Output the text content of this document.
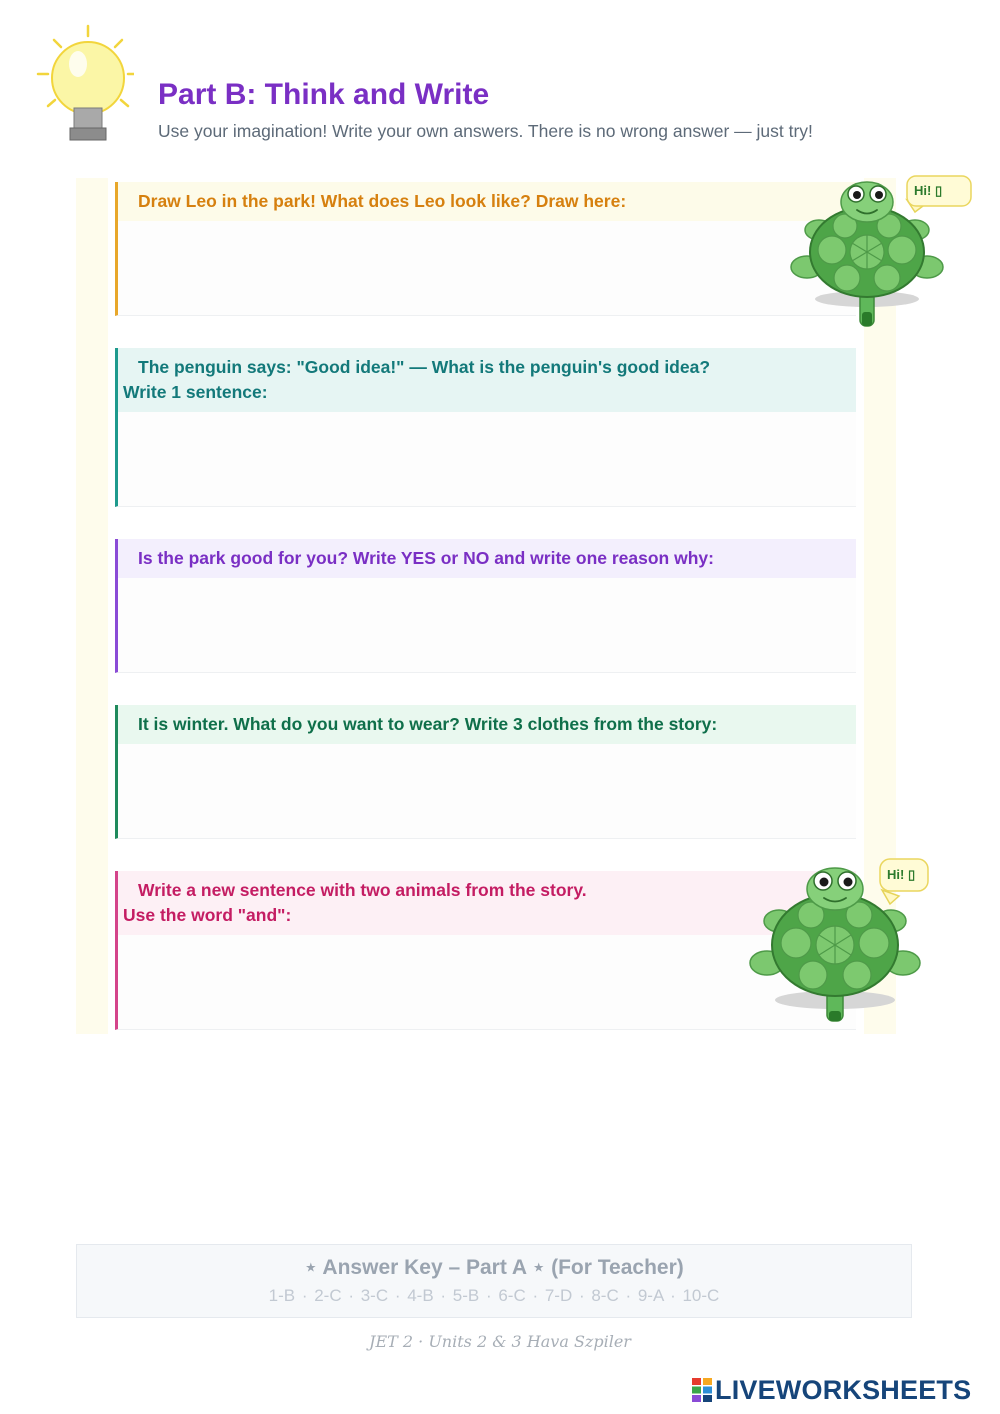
Part B: Think and Write

Use your imagination! Write your own answers. There is no wrong answer — just try!

Draw Leo in the park! What does Leo look like? Draw here:
The penguin says: "Good idea!" — What is the penguin's good idea?
Write 1 sentence:
Is the park good for you? Write YES or NO and write one reason why:
It is winter. What do you want to wear? Write 3 clothes from the story:
Write a new sentence with two animals from the story.
Use the word "and":
Hi! ▯
Hi! ▯
⋆ Answer Key – Part A ⋆ (For Teacher)
1-B · 2-C · 3-C · 4-B · 5-B · 6-C · 7-D · 8-C · 9-A · 10-C
JET 2 · Units 2 & 3 Hava Szpiler
LIVEWORKSHEETS
